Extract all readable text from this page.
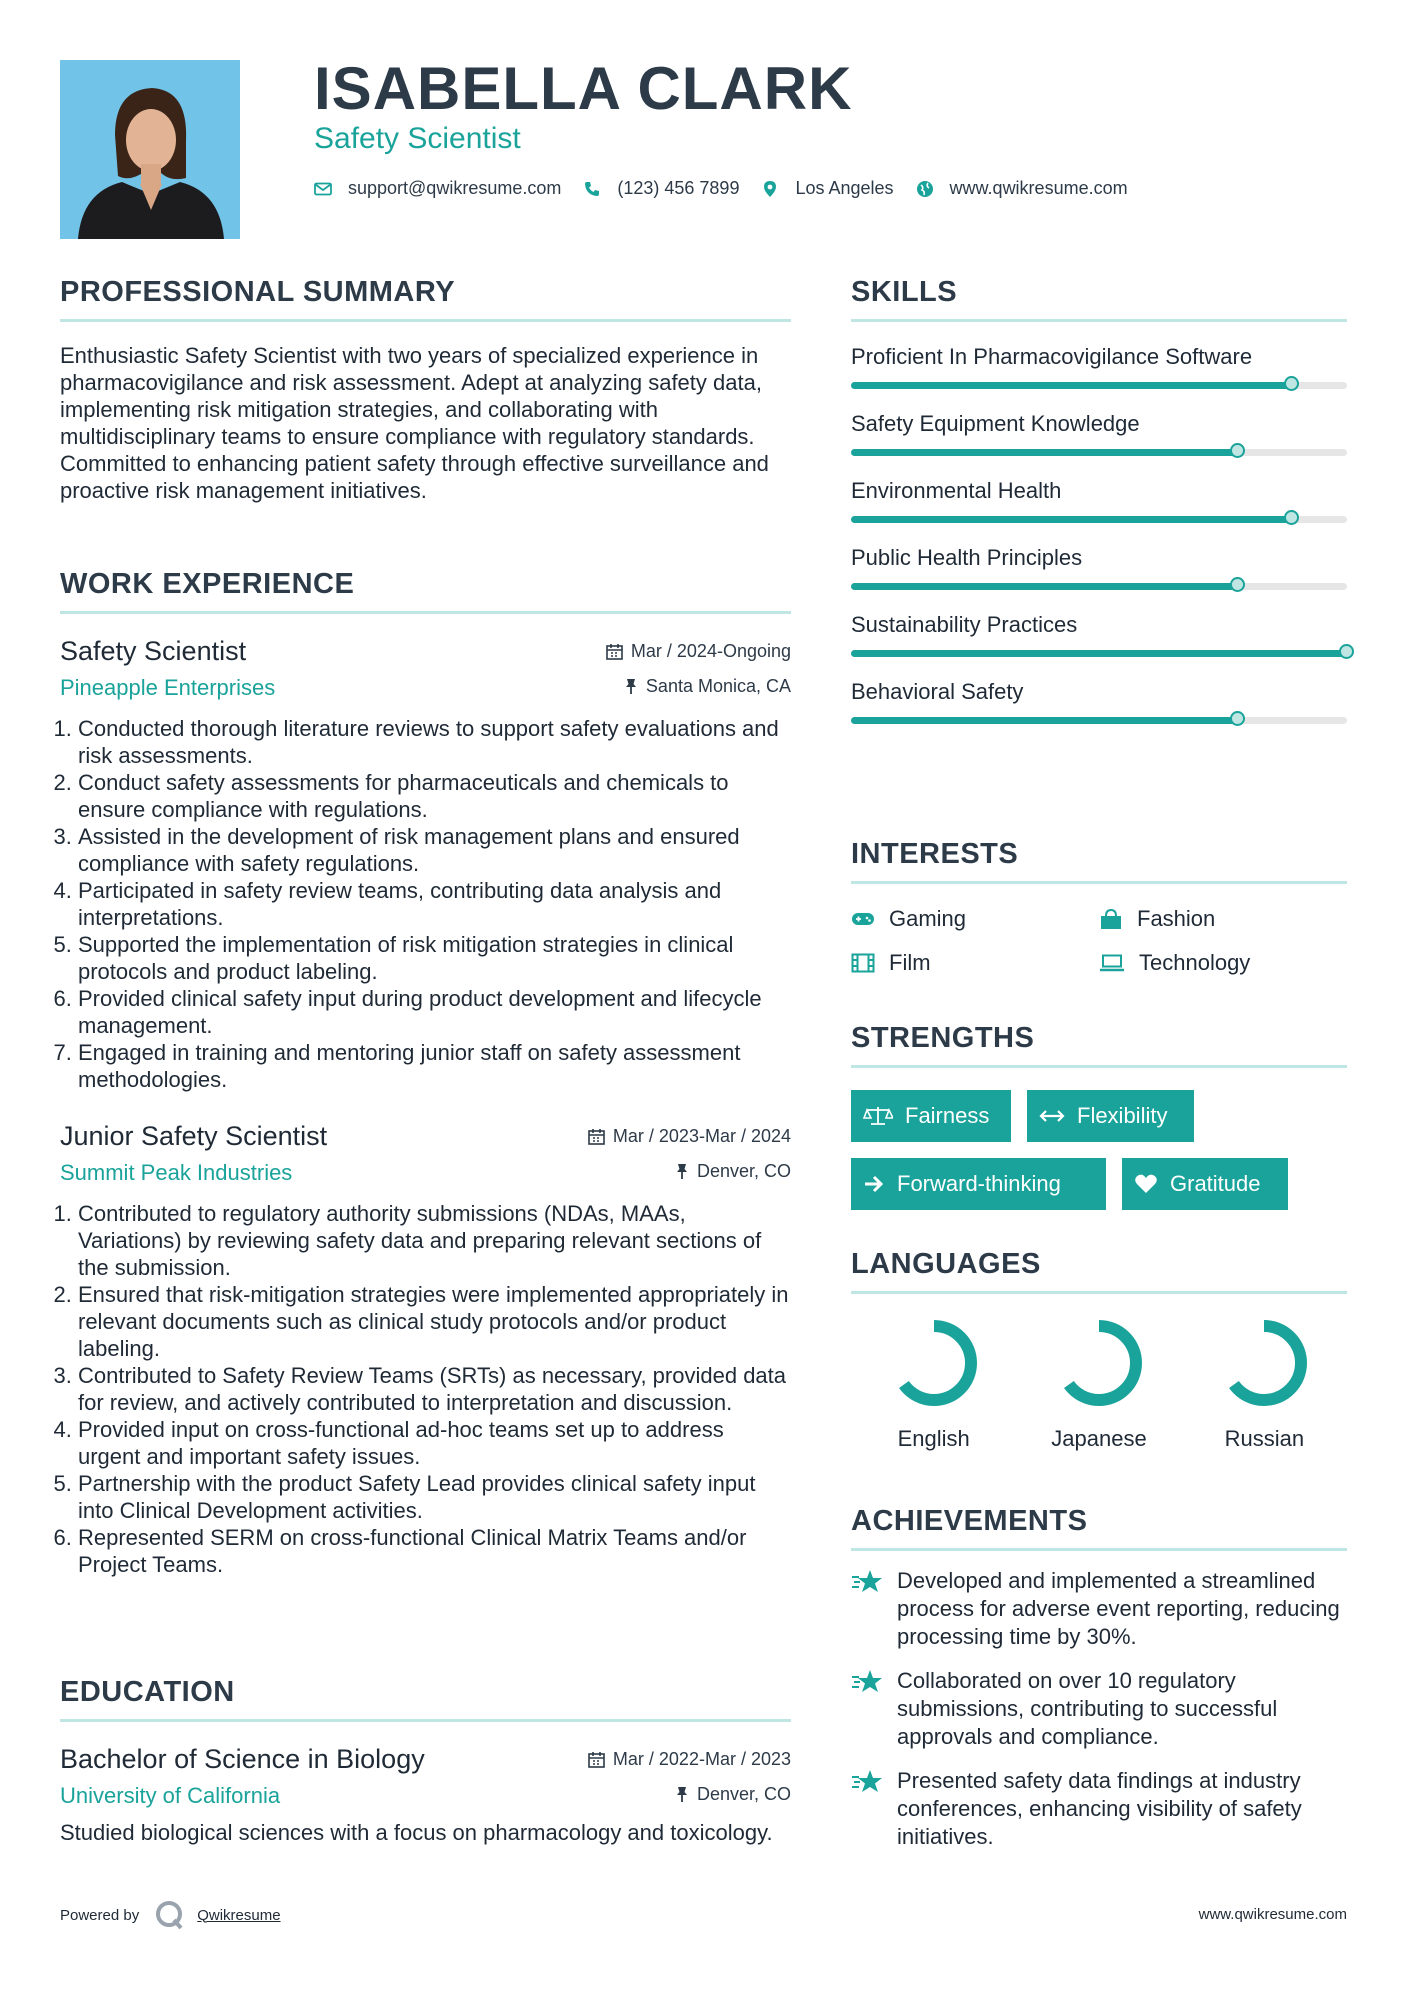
ISABELLA CLARK
Safety Scientist
support@qwikresume.com	(123) 456 7899	Los Angeles	www.qwikresume.com
PROFESSIONAL SUMMARY
Enthusiastic Safety Scientist with two years of specialized experience in pharmacovigilance and risk assessment. Adept at analyzing safety data, implementing risk mitigation strategies, and collaborating with multidisciplinary teams to ensure compliance with regulatory standards. Committed to enhancing patient safety through effective surveillance and proactive risk management initiatives.
WORK EXPERIENCE
Safety Scientist	Mar / 2024-Ongoing
Pineapple Enterprises	Santa Monica, CA
1. Conducted thorough literature reviews to support safety evaluations and risk assessments.
2. Conduct safety assessments for pharmaceuticals and chemicals to ensure compliance with regulations.
3. Assisted in the development of risk management plans and ensured compliance with safety regulations.
4. Participated in safety review teams, contributing data analysis and interpretations.
5. Supported the implementation of risk mitigation strategies in clinical protocols and product labeling.
6. Provided clinical safety input during product development and lifecycle management.
7. Engaged in training and mentoring junior staff on safety assessment methodologies.
Junior Safety Scientist	Mar / 2023-Mar / 2024
Summit Peak Industries	Denver, CO
1. Contributed to regulatory authority submissions (NDAs, MAAs, Variations) by reviewing safety data and preparing relevant sections of the submission.
2. Ensured that risk-mitigation strategies were implemented appropriately in relevant documents such as clinical study protocols and/or product labeling.
3. Contributed to Safety Review Teams (SRTs) as necessary, provided data for review, and actively contributed to interpretation and discussion.
4. Provided input on cross-functional ad-hoc teams set up to address urgent and important safety issues.
5. Partnership with the product Safety Lead provides clinical safety input into Clinical Development activities.
6. Represented SERM on cross-functional Clinical Matrix Teams and/or Project Teams.
EDUCATION
Bachelor of Science in Biology	Mar / 2022-Mar / 2023
University of California	Denver, CO
Studied biological sciences with a focus on pharmacology and toxicology.
SKILLS
Proficient In Pharmacovigilance Software
Safety Equipment Knowledge
Environmental Health
Public Health Principles
Sustainability Practices
Behavioral Safety
INTERESTS
Gaming	Fashion
Film	Technology
STRENGTHS
Fairness	Flexibility
Forward-thinking	Gratitude
LANGUAGES
English	Japanese	Russian
ACHIEVEMENTS
Developed and implemented a streamlined process for adverse event reporting, reducing processing time by 30%.
Collaborated on over 10 regulatory submissions, contributing to successful approvals and compliance.
Presented safety data findings at industry conferences, enhancing visibility of safety initiatives.
Powered by	Qwikresume	www.qwikresume.com
